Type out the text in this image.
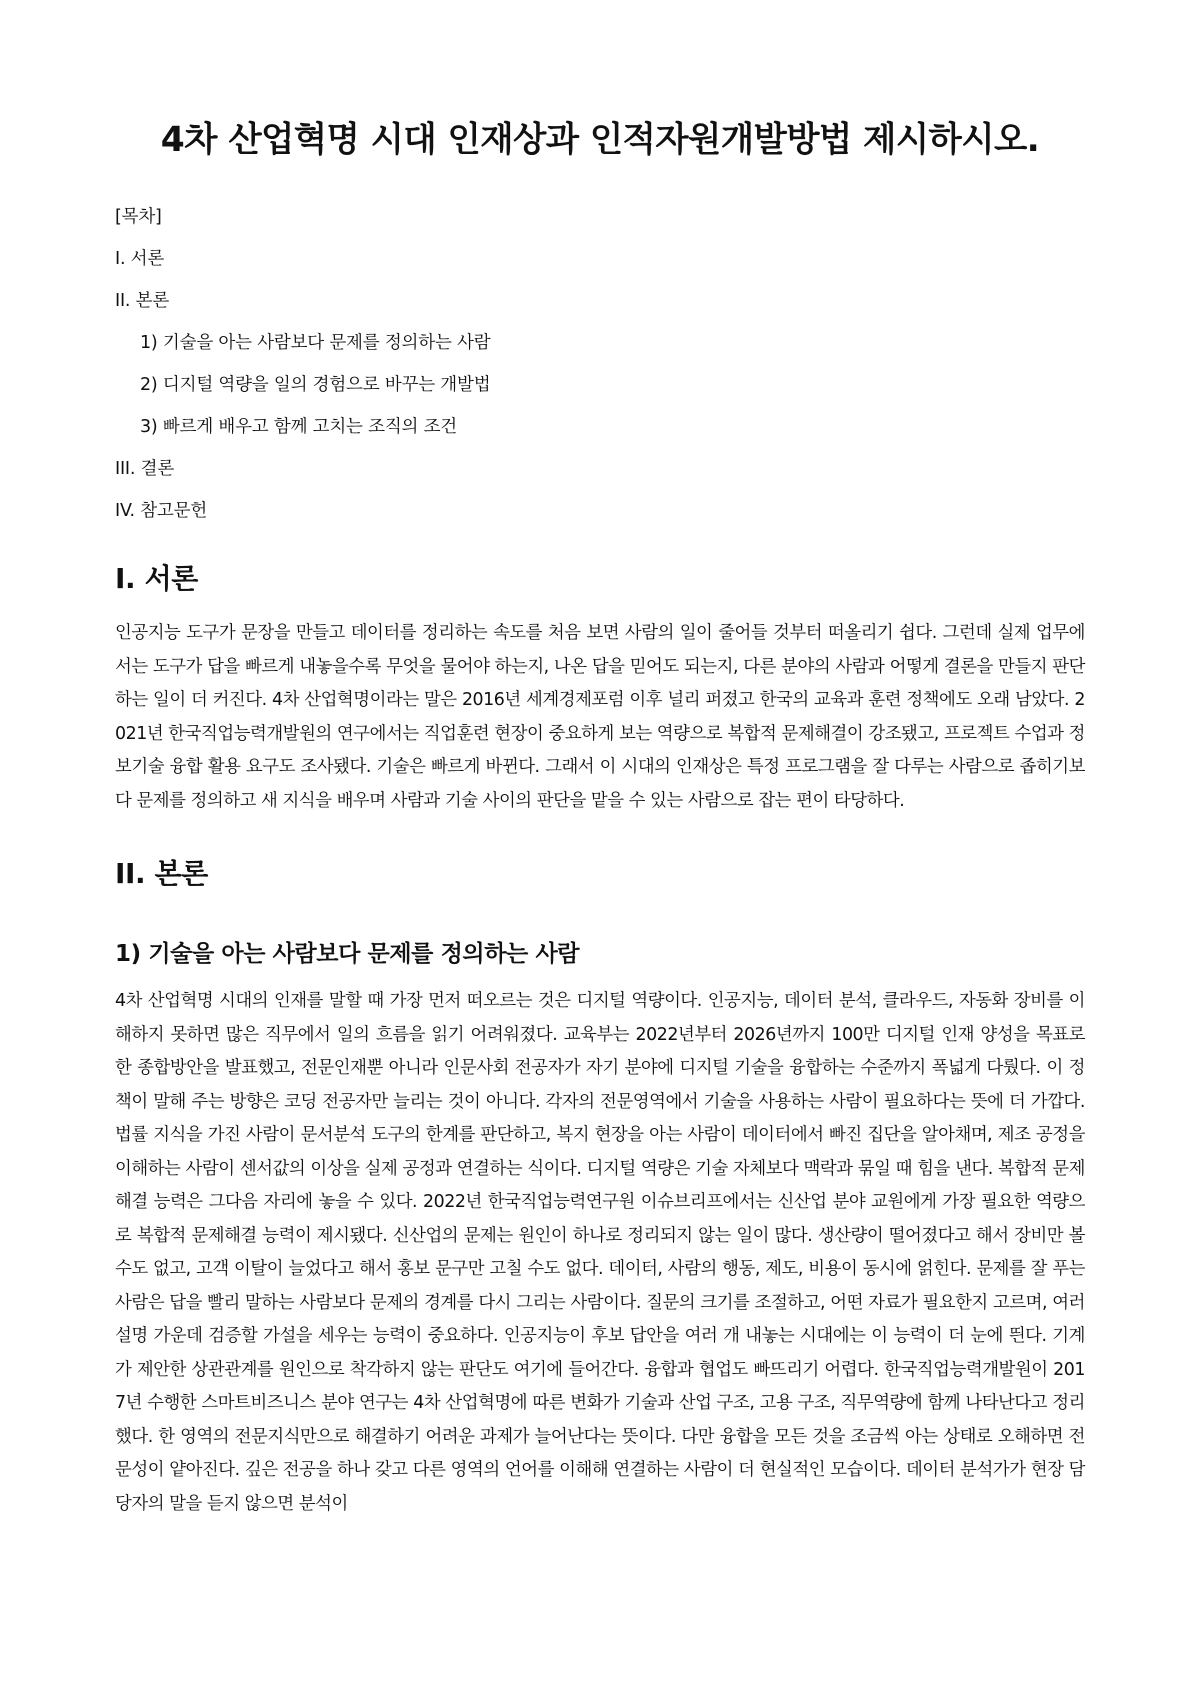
4차 산업혁명 시대 인재상과 인적자원개발방법 제시하시오.
[목차]
I. 서론
II. 본론
1) 기술을 아는 사람보다 문제를 정의하는 사람
2) 디지털 역량을 일의 경험으로 바꾸는 개발법
3) 빠르게 배우고 함께 고치는 조직의 조건
III. 결론
IV. 참고문헌
I. 서론

인공지능 도구가 문장을 만들고 데이터를 정리하는 속도를 처음 보면 사람의 일이 줄어들 것부터 떠올리기 쉽다. 그런데 실제 업무에서는 도구가 답을 빠르게 내놓을수록 무엇을 물어야 하는지, 나온 답을 믿어도 되는지, 다른 분야의 사람과 어떻게 결론을 만들지 판단하는 일이 더 커진다. 4차 산업혁명이라는 말은 2016년 세계경제포럼 이후 널리 퍼졌고 한국의 교육과 훈련 정책에도 오래 남았다. 2021년 한국직업능력개발원의 연구에서는 직업훈련 현장이 중요하게 보는 역량으로 복합적 문제해결이 강조됐고, 프로젝트 수업과 정보기술 융합 활용 요구도 조사됐다. 기술은 빠르게 바뀐다. 그래서 이 시대의 인재상은 특정 프로그램을 잘 다루는 사람으로 좁히기보다 문제를 정의하고 새 지식을 배우며 사람과 기술 사이의 판단을 맡을 수 있는 사람으로 잡는 편이 타당하다.

II. 본론
1) 기술을 아는 사람보다 문제를 정의하는 사람

4차 산업혁명 시대의 인재를 말할 때 가장 먼저 떠오르는 것은 디지털 역량이다. 인공지능, 데이터 분석, 클라우드, 자동화 장비를 이해하지 못하면 많은 직무에서 일의 흐름을 읽기 어려워졌다. 교육부는 2022년부터 2026년까지 100만 디지털 인재 양성을 목표로 한 종합방안을 발표했고, 전문인재뿐 아니라 인문사회 전공자가 자기 분야에 디지털 기술을 융합하는 수준까지 폭넓게 다뤘다. 이 정책이 말해 주는 방향은 코딩 전공자만 늘리는 것이 아니다. 각자의 전문영역에서 기술을 사용하는 사람이 필요하다는 뜻에 더 가깝다. 법률 지식을 가진 사람이 문서분석 도구의 한계를 판단하고, 복지 현장을 아는 사람이 데이터에서 빠진 집단을 알아채며, 제조 공정을 이해하는 사람이 센서값의 이상을 실제 공정과 연결하는 식이다. 디지털 역량은 기술 자체보다 맥락과 묶일 때 힘을 낸다. 복합적 문제해결 능력은 그다음 자리에 놓을 수 있다. 2022년 한국직업능력연구원 이슈브리프에서는 신산업 분야 교원에게 가장 필요한 역량으로 복합적 문제해결 능력이 제시됐다. 신산업의 문제는 원인이 하나로 정리되지 않는 일이 많다. 생산량이 떨어졌다고 해서 장비만 볼 수도 없고, 고객 이탈이 늘었다고 해서 홍보 문구만 고칠 수도 없다. 데이터, 사람의 행동, 제도, 비용이 동시에 얽힌다. 문제를 잘 푸는 사람은 답을 빨리 말하는 사람보다 문제의 경계를 다시 그리는 사람이다. 질문의 크기를 조절하고, 어떤 자료가 필요한지 고르며, 여러 설명 가운데 검증할 가설을 세우는 능력이 중요하다. 인공지능이 후보 답안을 여러 개 내놓는 시대에는 이 능력이 더 눈에 띈다. 기계가 제안한 상관관계를 원인으로 착각하지 않는 판단도 여기에 들어간다. 융합과 협업도 빠뜨리기 어렵다. 한국직업능력개발원이 2017년 수행한 스마트비즈니스 분야 연구는 4차 산업혁명에 따른 변화가 기술과 산업 구조, 고용 구조, 직무역량에 함께 나타난다고 정리했다. 한 영역의 전문지식만으로 해결하기 어려운 과제가 늘어난다는 뜻이다. 다만 융합을 모든 것을 조금씩 아는 상태로 오해하면 전문성이 얕아진다. 깊은 전공을 하나 갖고 다른 영역의 언어를 이해해 연결하는 사람이 더 현실적인 모습이다. 데이터 분석가가 현장 담당자의 말을 듣지 않으면 분석이
